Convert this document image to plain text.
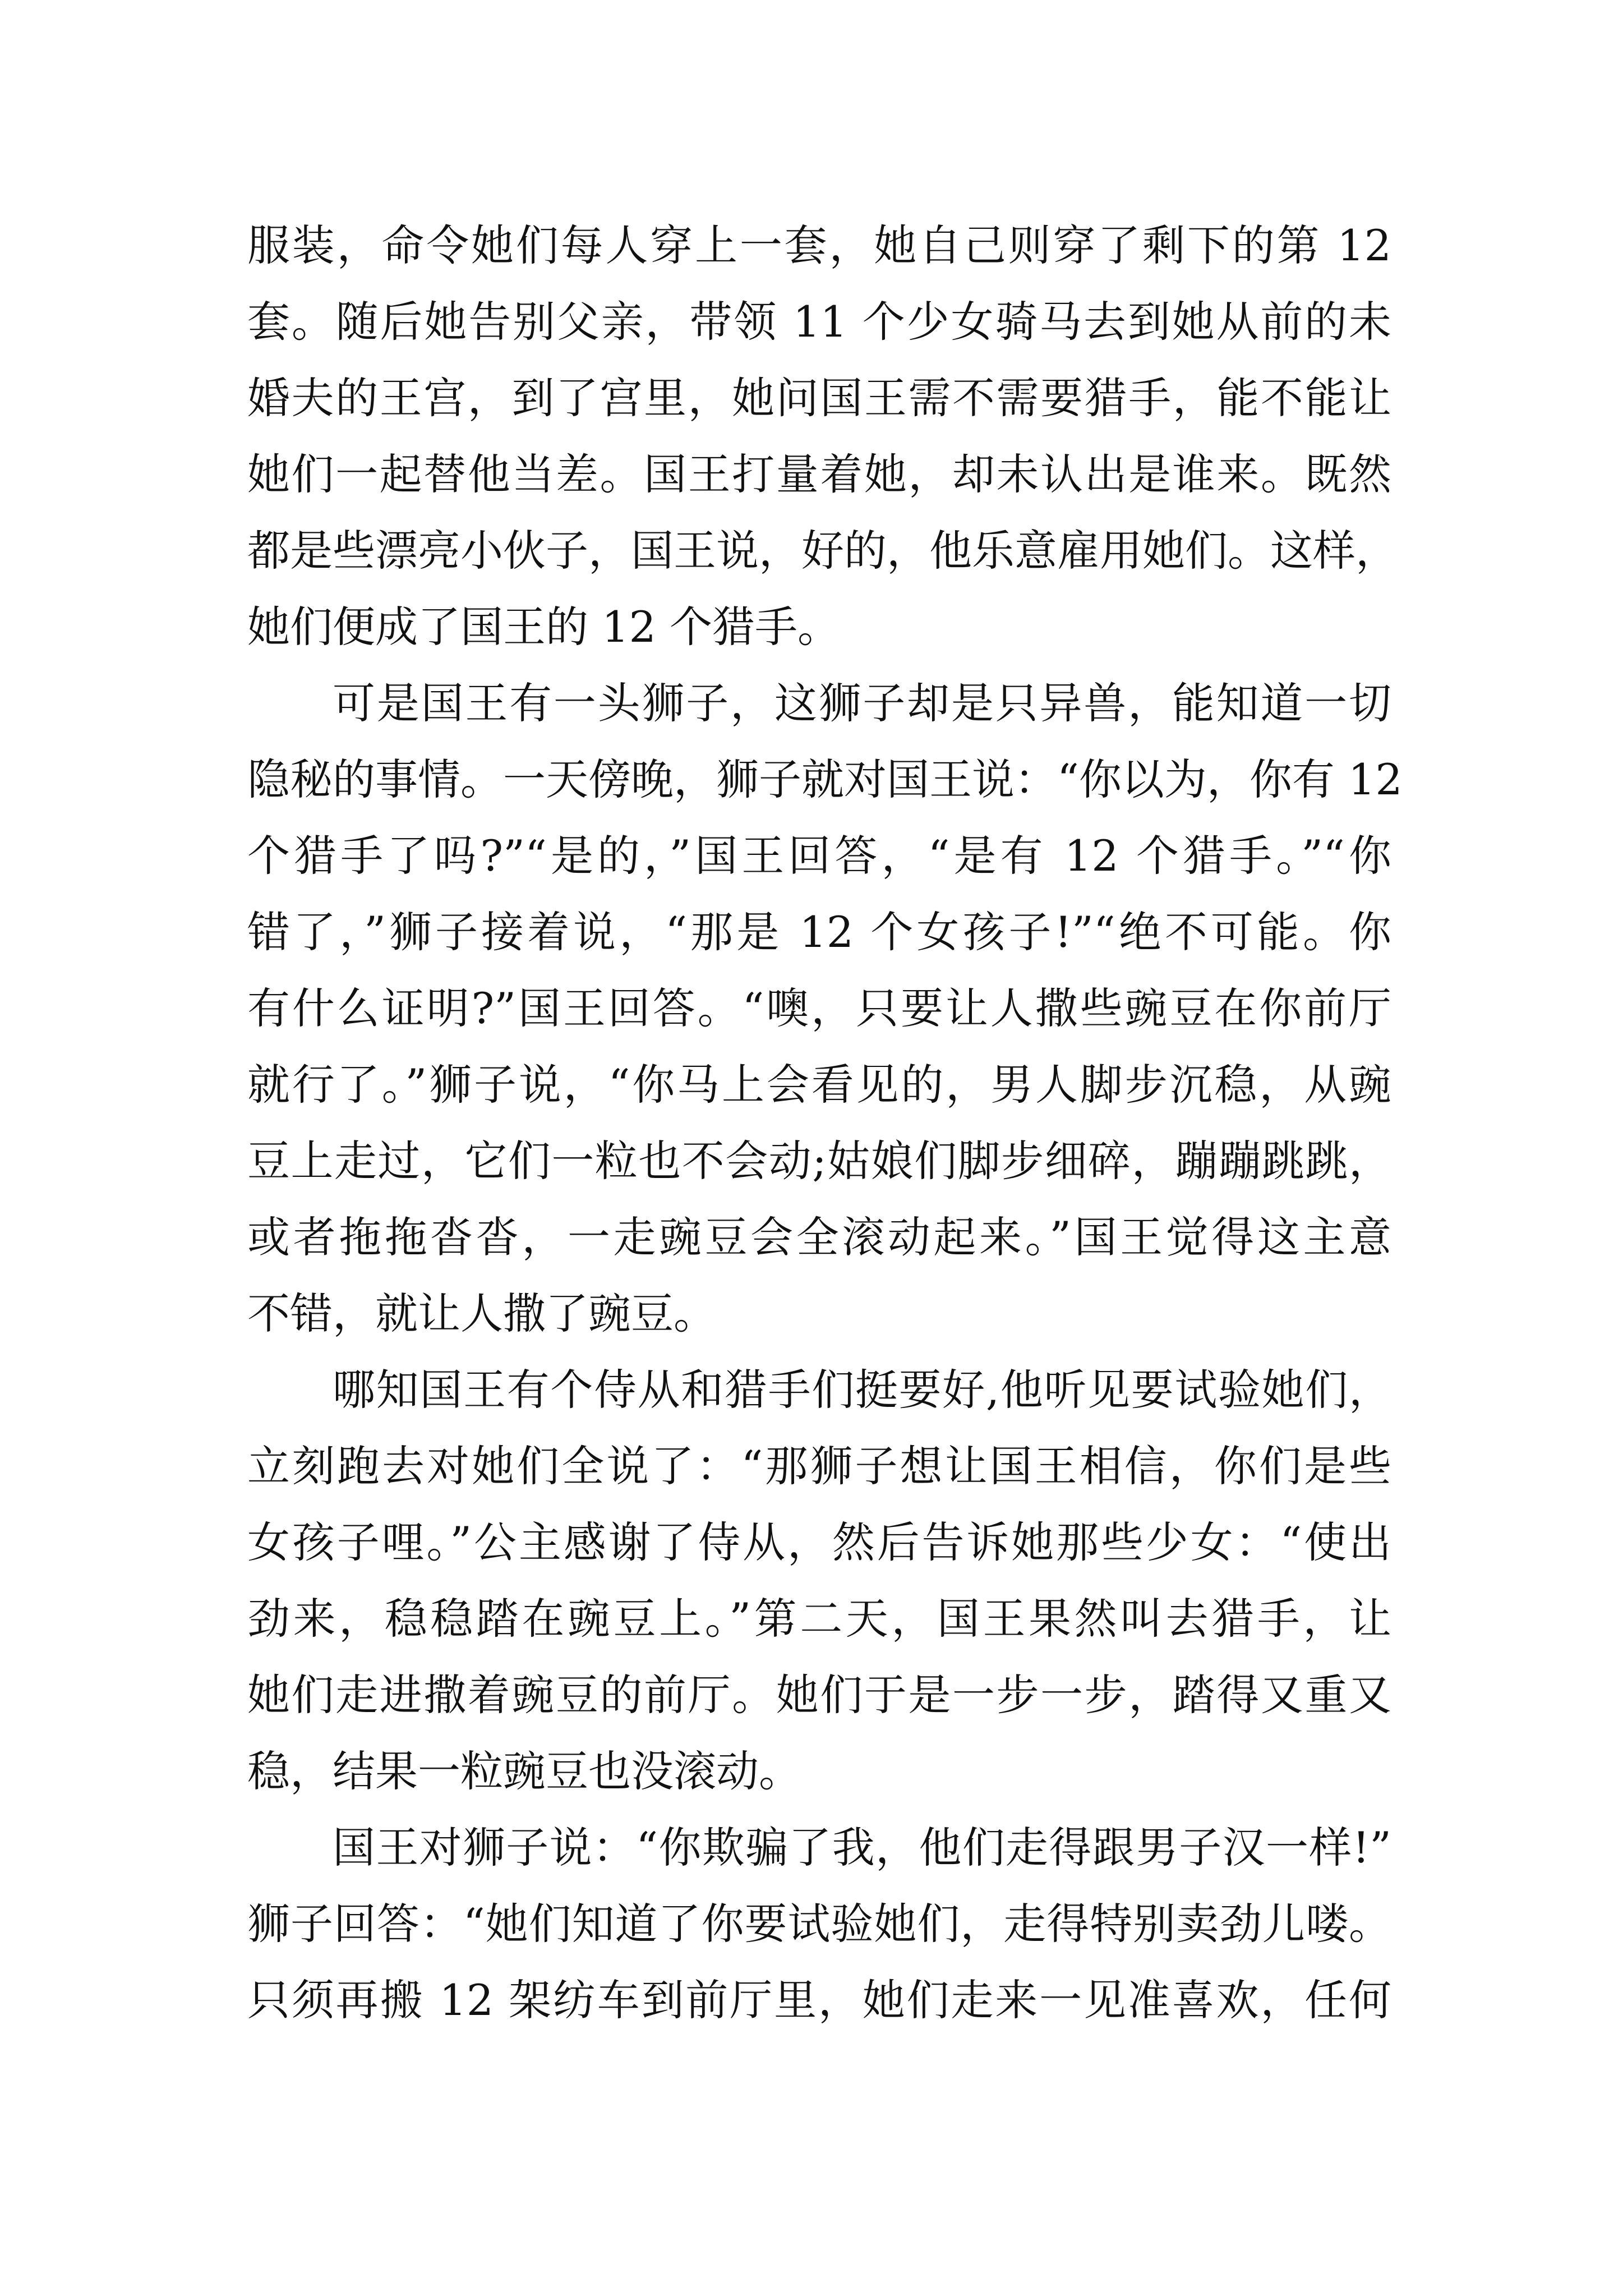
服装，命令她们每人穿上一套，她自己则穿了剩下的第 12
套。随后她告别父亲，带领 11 个少女骑马去到她从前的未
婚夫的王宫，到了宫里，她问国王需不需要猎手，能不能让
她们一起替他当差。国王打量着她，却未认出是谁来。既然
都是些漂亮小伙子，国王说，好的，他乐意雇用她们。这样，
她们便成了国王的 12 个猎手。
可是国王有一头狮子，这狮子却是只异兽，能知道一切
隐秘的事情。一天傍晚，狮子就对国王说：“你以为，你有 12
个猎手了吗?”“是的，”国王回答，“是有 12 个猎手。”“你
错了，”狮子接着说，“那是 12 个女孩子!”“绝不可能。你
有什么证明?”国王回答。“噢，只要让人撒些豌豆在你前厅
就行了。”狮子说，“你马上会看见的，男人脚步沉稳，从豌
豆上走过，它们一粒也不会动;姑娘们脚步细碎，蹦蹦跳跳，
或者拖拖沓沓，一走豌豆会全滚动起来。”国王觉得这主意
不错，就让人撒了豌豆。
哪知国王有个侍从和猎手们挺要好,他听见要试验她们，
立刻跑去对她们全说了：“那狮子想让国王相信，你们是些
女孩子哩。”公主感谢了侍从，然后告诉她那些少女：“使出
劲来，稳稳踏在豌豆上。”第二天，国王果然叫去猎手，让
她们走进撒着豌豆的前厅。她们于是一步一步，踏得又重又
稳，结果一粒豌豆也没滚动。
国王对狮子说：“你欺骗了我，他们走得跟男子汉一样!”
狮子回答：“她们知道了你要试验她们，走得特别卖劲儿喽。
只须再搬 12 架纺车到前厅里，她们走来一见准喜欢，任何
